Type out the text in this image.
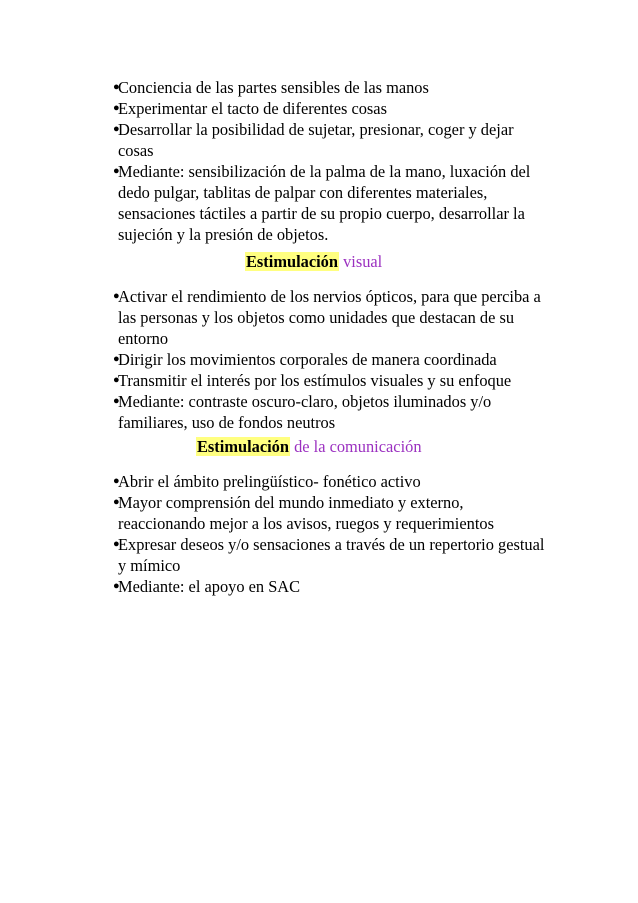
●
Conciencia de las partes sensibles de las manos
●
Experimentar el tacto de diferentes cosas
●
Desarrollar la posibilidad de sujetar, presionar, coger y dejar cosas
●
Mediante: sensibilización de la palma de la mano, luxación del dedo pulgar, tablitas de palpar con diferentes materiales, sensaciones táctiles a partir de su propio cuerpo, desarrollar la sujeción y la presión de objetos.
Estimulación visual
●
Activar el rendimiento de los nervios ópticos, para que perciba a las personas y los objetos como unidades que destacan de su entorno
●
Dirigir los movimientos corporales de manera coordinada
●
Transmitir el interés por los estímulos visuales y su enfoque
●
Mediante: contraste oscuro-claro, objetos iluminados y/o familiares, uso de fondos neutros
Estimulación de la comunicación
●
Abrir el ámbito prelingüístico- fonético activo
●
Mayor comprensión del mundo inmediato y externo, reaccionando mejor a los avisos, ruegos y requerimientos
●
Expresar deseos y/o sensaciones a través de un repertorio gestual y mímico
●
Mediante: el apoyo en SAC
